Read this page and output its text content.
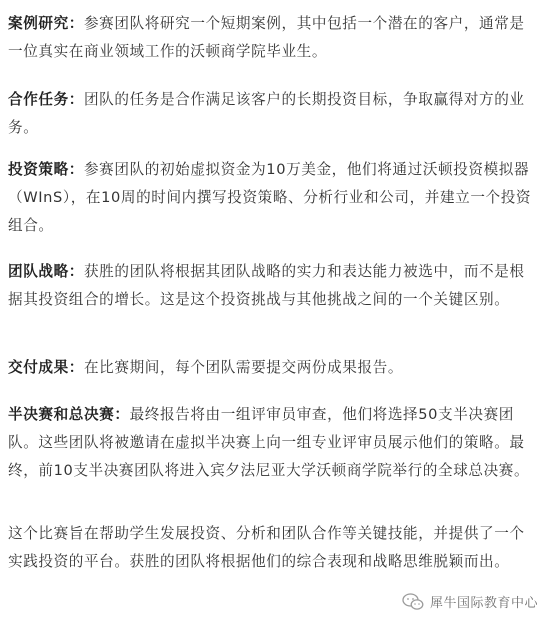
案例研究：参赛团队将研究一个短期案例，其中包括一个潜在的客户，通常是一位真实在商业领域工作的沃顿商学院毕业生。

合作任务：团队的任务是合作满足该客户的长期投资目标，争取赢得对方的业务。

投资策略：参赛团队的初始虚拟资金为10万美金，他们将通过沃顿投资模拟器（WInS），在10周的时间内撰写投资策略、分析行业和公司，并建立一个投资组合。

团队战略：获胜的团队将根据其团队战略的实力和表达能力被选中，而不是根据其投资组合的增长。这是这个投资挑战与其他挑战之间的一个关键区别。

交付成果：在比赛期间，每个团队需要提交两份成果报告。

半决赛和总决赛：最终报告将由一组评审员审查，他们将选择50支半决赛团队。这些团队将被邀请在虚拟半决赛上向一组专业评审员展示他们的策略。最终，前10支半决赛团队将进入宾夕法尼亚大学沃顿商学院举行的全球总决赛。

这个比赛旨在帮助学生发展投资、分析和团队合作等关键技能，并提供了一个实践投资的平台。获胜的团队将根据他们的综合表现和战略思维脱颖而出。

犀牛国际教育中心
